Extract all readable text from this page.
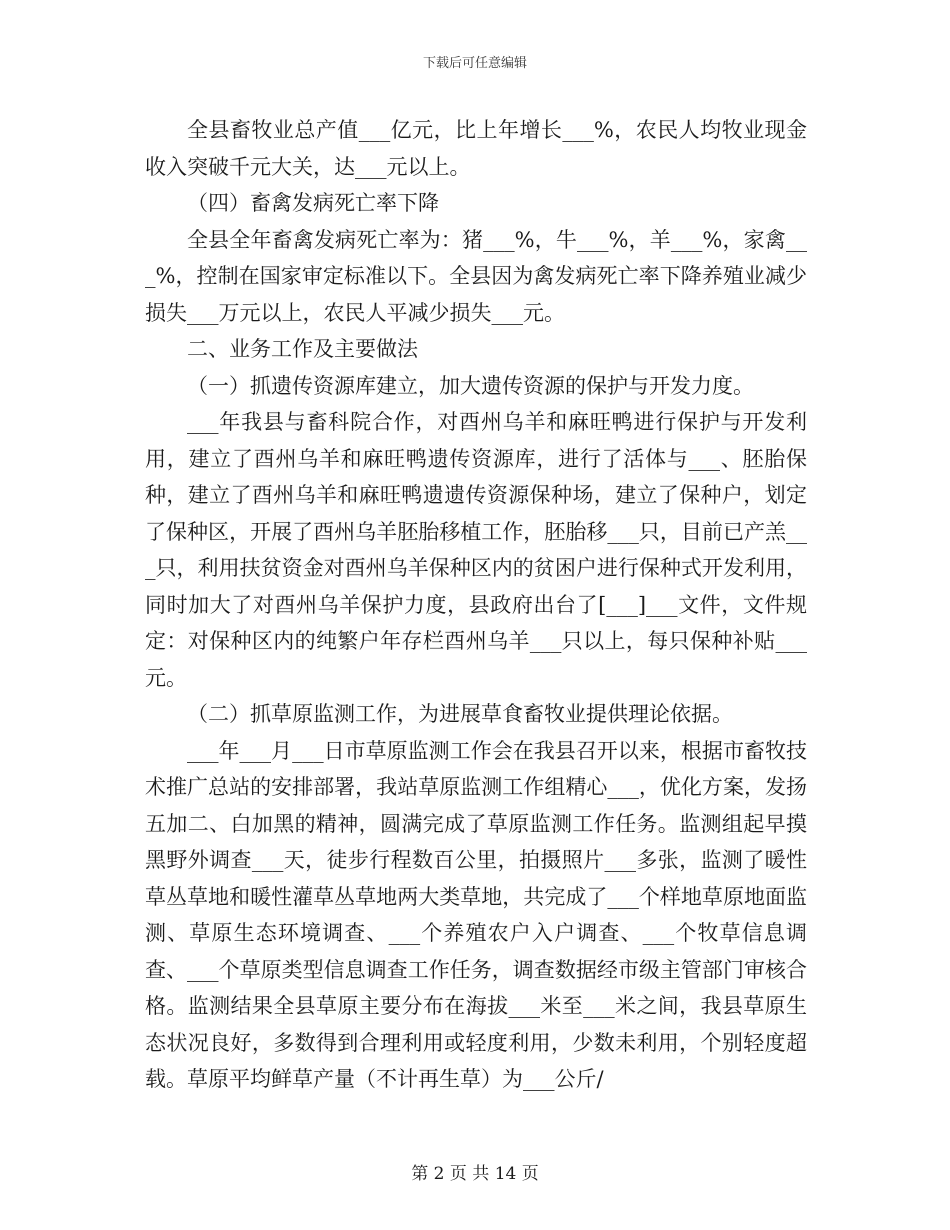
下载后可任意编辑

全县畜牧业总产值___亿元，比上年增长___%，农民人均牧业现金收入突破千元大关，达___元以上。

（四）畜禽发病死亡率下降

全县全年畜禽发病死亡率为：猪___%，牛___%，羊___%，家禽___%，控制在国家审定标准以下。全县因为禽发病死亡率下降养殖业减少损失___万元以上，农民人平减少损失___元。

二、业务工作及主要做法

（一）抓遗传资源库建立，加大遗传资源的保护与开发力度。

___年我县与畜科院合作，对酉州乌羊和麻旺鸭进行保护与开发利用，建立了酉州乌羊和麻旺鸭遗传资源库，进行了活体与___、胚胎保种，建立了酉州乌羊和麻旺鸭遗遗传资源保种场，建立了保种户，划定了保种区，开展了酉州乌羊胚胎移植工作，胚胎移___只，目前已产羔___只，利用扶贫资金对酉州乌羊保种区内的贫困户进行保种式开发利用，同时加大了对酉州乌羊保护力度，县政府出台了[___]___文件，文件规定：对保种区内的纯繁户年存栏酉州乌羊___只以上，每只保种补贴___元。

（二）抓草原监测工作，为进展草食畜牧业提供理论依据。

___年___月___日市草原监测工作会在我县召开以来，根据市畜牧技术推广总站的安排部署，我站草原监测工作组精心___，优化方案，发扬五加二、白加黑的精神，圆满完成了草原监测工作任务。监测组起早摸黑野外调查___天，徒步行程数百公里，拍摄照片___多张，监测了暖性草丛草地和暖性灌草丛草地两大类草地，共完成了___个样地草原地面监测、草原生态环境调查、___个养殖农户入户调查、___个牧草信息调查、___个草原类型信息调查工作任务，调查数据经市级主管部门审核合格。监测结果全县草原主要分布在海拔___米至___米之间，我县草原生态状况良好，多数得到合理利用或轻度利用，少数未利用，个别轻度超载。草原平均鲜草产量（不计再生草）为___公斤/

第 2 页 共 14 页
